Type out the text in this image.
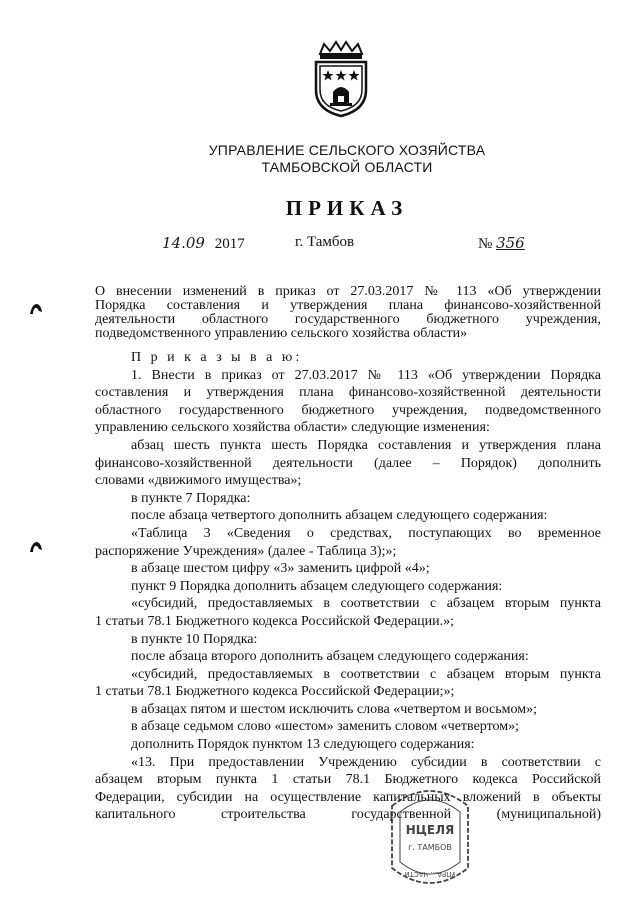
УПРАВЛЕНИЕ СЕЛЬСКОГО ХОЗЯЙСТВА
ТАМБОВСКОЙ ОБЛАСТИ
ПРИКАЗ
14.09 2017	г. Тамбов	№ 356
О внесении изменений в приказ от 27.03.2017 № 113 «Об утверждении
Порядка составления и утверждения плана финансово-хозяйственной
деятельности областного государственного бюджетного учреждения,
подведомственного управлению сельского хозяйства области»
П р и к а з ы в а ю:
1. Внести в приказ от 27.03.2017 № 113 «Об утверждении Порядка
составления и утверждения плана финансово-хозяйственной деятельности
областного государственного бюджетного учреждения, подведомственного
управлению сельского хозяйства области» следующие изменения:
абзац шесть пункта шесть Порядка составления и утверждения плана
финансово-хозяйственной деятельности (далее – Порядок) дополнить
словами «движимого имущества»;
в пункте 7 Порядка:
после абзаца четвертого дополнить абзацем следующего содержания:
«Таблица 3 «Сведения о средствах, поступающих во временное
распоряжение Учреждения» (далее - Таблица 3);»;
в абзаце шестом цифру «3» заменить цифрой «4»;
пункт 9 Порядка дополнить абзацем следующего содержания:
«субсидий, предоставляемых в соответствии с абзацем вторым пункта
1 статьи 78.1 Бюджетного кодекса Российской Федерации.»;
в пункте 10 Порядка:
после абзаца второго дополнить абзацем следующего содержания:
«субсидий, предоставляемых в соответствии с абзацем вторым пункта
1 статьи 78.1 Бюджетного кодекса Российской Федерации;»;
в абзацах пятом и шестом исключить слова «четвертом и восьмом»;
в абзаце седьмом слово «шестом» заменить словом «четвертом»;
дополнить Порядок пунктом 13 следующего содержания:
«13. При предоставлении Учреждению субсидии в соответствии с
абзацем вторым пункта 1 статьи 78.1 Бюджетного кодекса Российской
Федерации, субсидии на осуществление капитальных вложений в объекты
капитального строительства государственной (муниципальной)
НЦЕЛЯ
г. ТАМБОВ
УПРА... ЧАСТИ
